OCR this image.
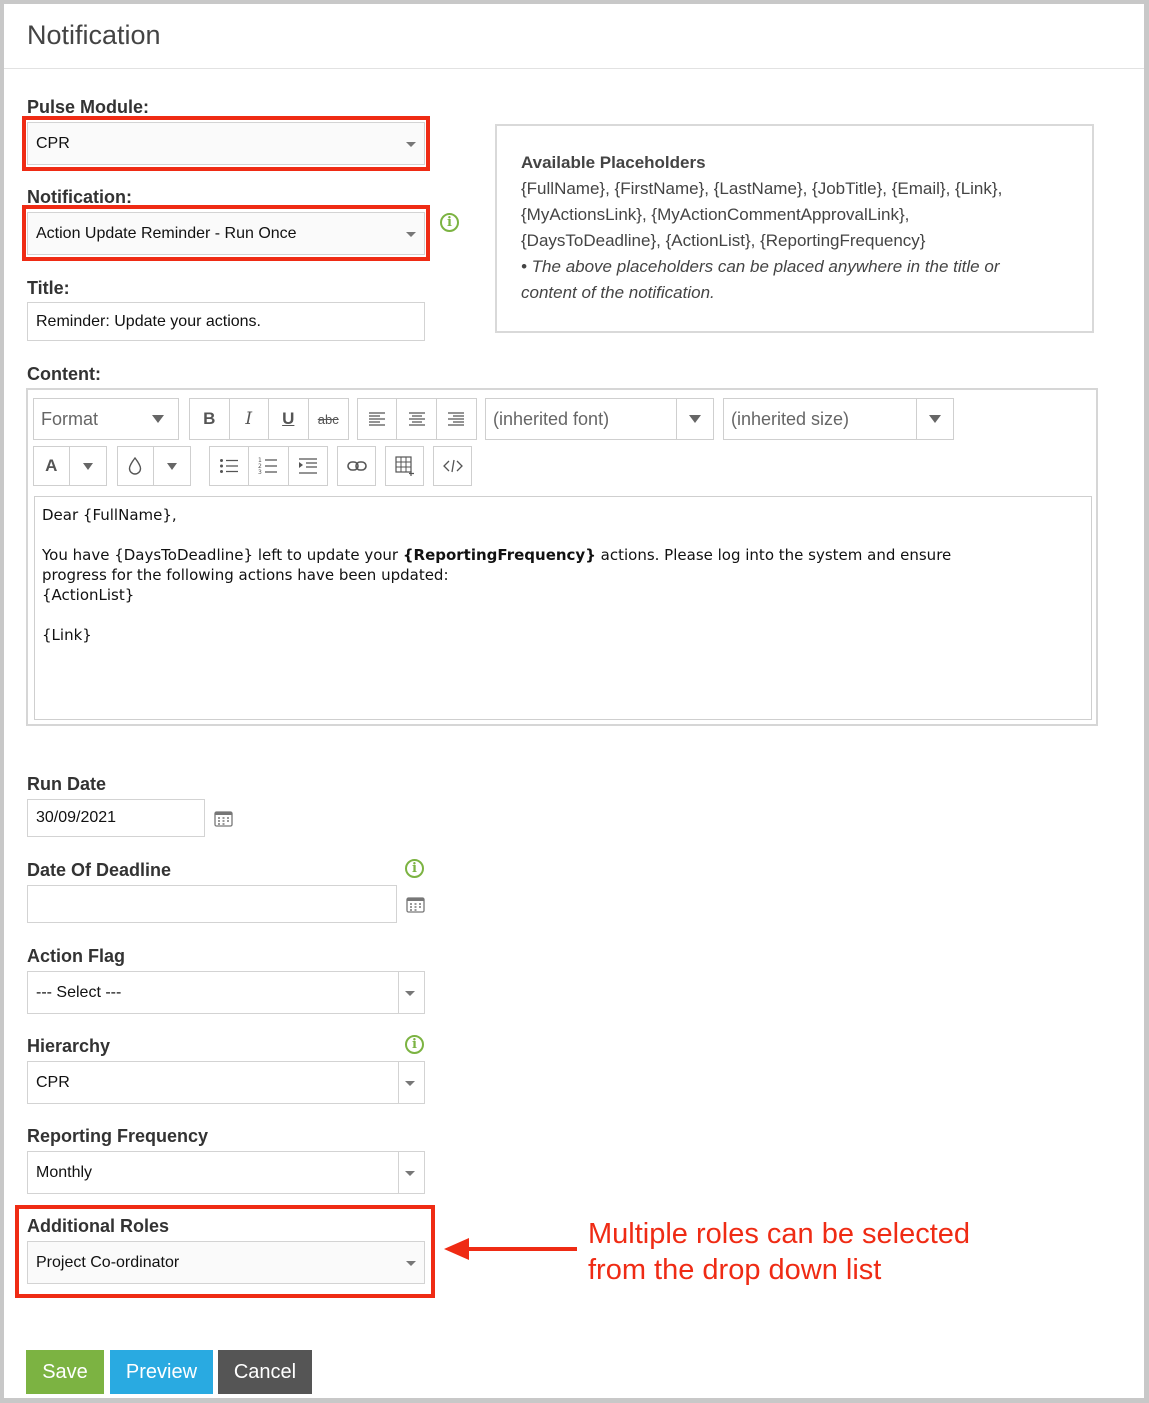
Notification
Pulse Module:
CPR
Notification:
Action Update Reminder - Run Once
i
Title:
Reminder: Update your actions.
Available Placeholders
{FullName}, {FirstName}, {LastName}, {JobTitle}, {Email}, {Link},
{MyActionsLink}, {MyActionCommentApprovalLink},
{DaysToDeadline}, {ActionList}, {ReportingFrequency}
• The above placeholders can be placed anywhere in the title or
content of the notification.
Content:
Format	B	I	U	abc	(inherited font)	(inherited size)
A	1
2
3

Dear {FullName},

You have {DaysToDeadline} left to update your {ReportingFrequency} actions. Please log into the system and ensure

progress for the following actions have been updated:

{ActionList}

{Link}

Run Date
30/09/2021
Date Of Deadline	i
Action Flag
--- Select ---
Hierarchy	i
CPR
Reporting Frequency
Monthly
Additional Roles
Project Co-ordinator
Multiple roles can be selected
from the drop down list
Save	Preview	Cancel
